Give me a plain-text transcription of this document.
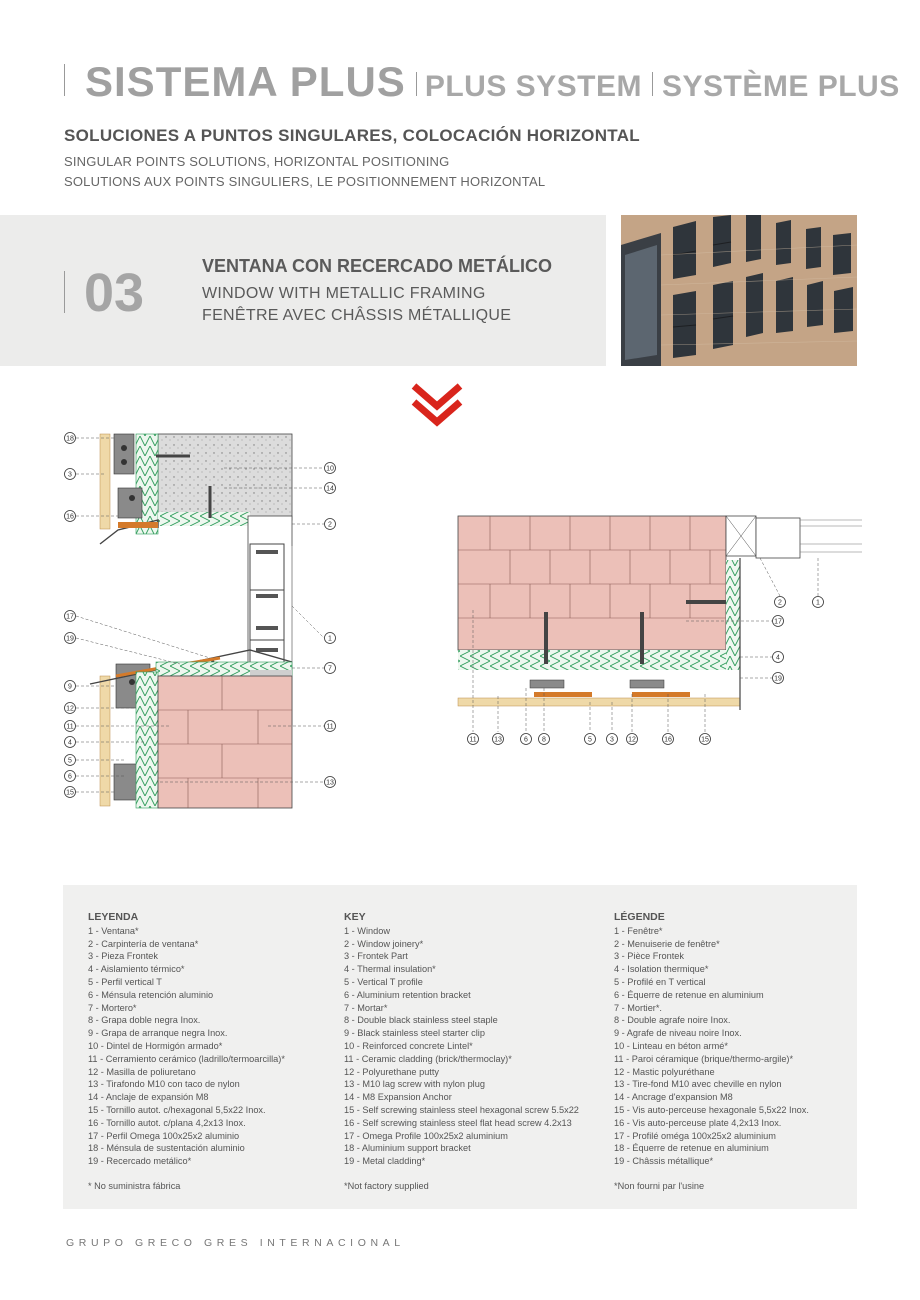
SISTEMA PLUS PLUS SYSTEM SYSTÈME PLUS
SOLUCIONES A PUNTOS SINGULARES, COLOCACIÓN HORIZONTAL
SINGULAR POINTS SOLUTIONS, HORIZONTAL POSITIONING
SOLUTIONS AUX POINTS SINGULIERS, LE POSITIONNEMENT HORIZONTAL
03	VENTANA CON RECERCADO METÁLICO
WINDOW WITH METALLIC FRAMING
FENÊTRE AVEC CHÂSSIS MÉTALLIQUE
18
3
16
17
19
9
12
11
4
5
6
15
10
14
2
1
7
11
13
2	1
17
4
19
11 13	6 8	5	3 12	16	15
LEYENDA
1 - Ventana*
2 - Carpintería de ventana*
3 - Pieza Frontek
4 - Aislamiento térmico*
5 - Perfil vertical T
6 - Ménsula retención aluminio
7 - Mortero*
8 - Grapa doble negra Inox.
9 - Grapa de arranque negra Inox.
10 - Dintel de Hormigón armado*
11 - Cerramiento cerámico (ladrillo/termoarcilla)*
12 - Masilla de poliuretano
13 - Tirafondo M10 con taco de nylon
14 - Anclaje de expansión M8
15 - Tornillo autot. c/hexagonal 5,5x22 Inox.
16 - Tornillo autot. c/plana 4,2x13 Inox.
17 - Perfil Omega 100x25x2 aluminio
18 - Ménsula de sustentación aluminio
19 - Recercado metálico*
* No suministra fábrica
KEY
1 - Window
2 - Window joinery*
3 - Frontek Part
4 - Thermal insulation*
5 - Vertical T profile
6 - Aluminium retention bracket
7 - Mortar*
8 - Double black stainless steel staple
9 - Black stainless steel starter clip
10 - Reinforced concrete Lintel*
11 - Ceramic cladding (brick/thermoclay)*
12 - Polyurethane putty
13 - M10 lag screw with nylon plug
14 - M8 Expansion Anchor
15 - Self screwing stainless steel hexagonal screw 5.5x22
16 - Self screwing stainless steel flat head screw 4.2x13
17 - Omega Profile 100x25x2 aluminium
18 - Aluminium support bracket
19 - Metal cladding*
*Not factory supplied
LÉGENDE
1 - Fenêtre*
2 - Menuiserie de fenêtre*
3 - Pièce Frontek
4 - Isolation thermique*
5 - Profilé en T vertical
6 - Équerre de retenue en aluminium
7 - Mortier*.
8 - Double agrafe noire Inox.
9 - Agrafe de niveau noire Inox.
10 - Linteau en béton armé*
11 - Paroi céramique (brique/thermo-argile)*
12 - Mastic polyuréthane
13 - Tire-fond M10 avec cheville en nylon
14 - Ancrage d'expansion M8
15 - Vis auto-perceuse hexagonale 5,5x22 Inox.
16 - Vis auto-perceuse plate 4,2x13 Inox.
17 - Profilé oméga 100x25x2 aluminium
18 - Équerre de retenue en aluminium
19 - Châssis métallique*
*Non fourni par l'usine
GRUPO GRECO GRES INTERNACIONAL
